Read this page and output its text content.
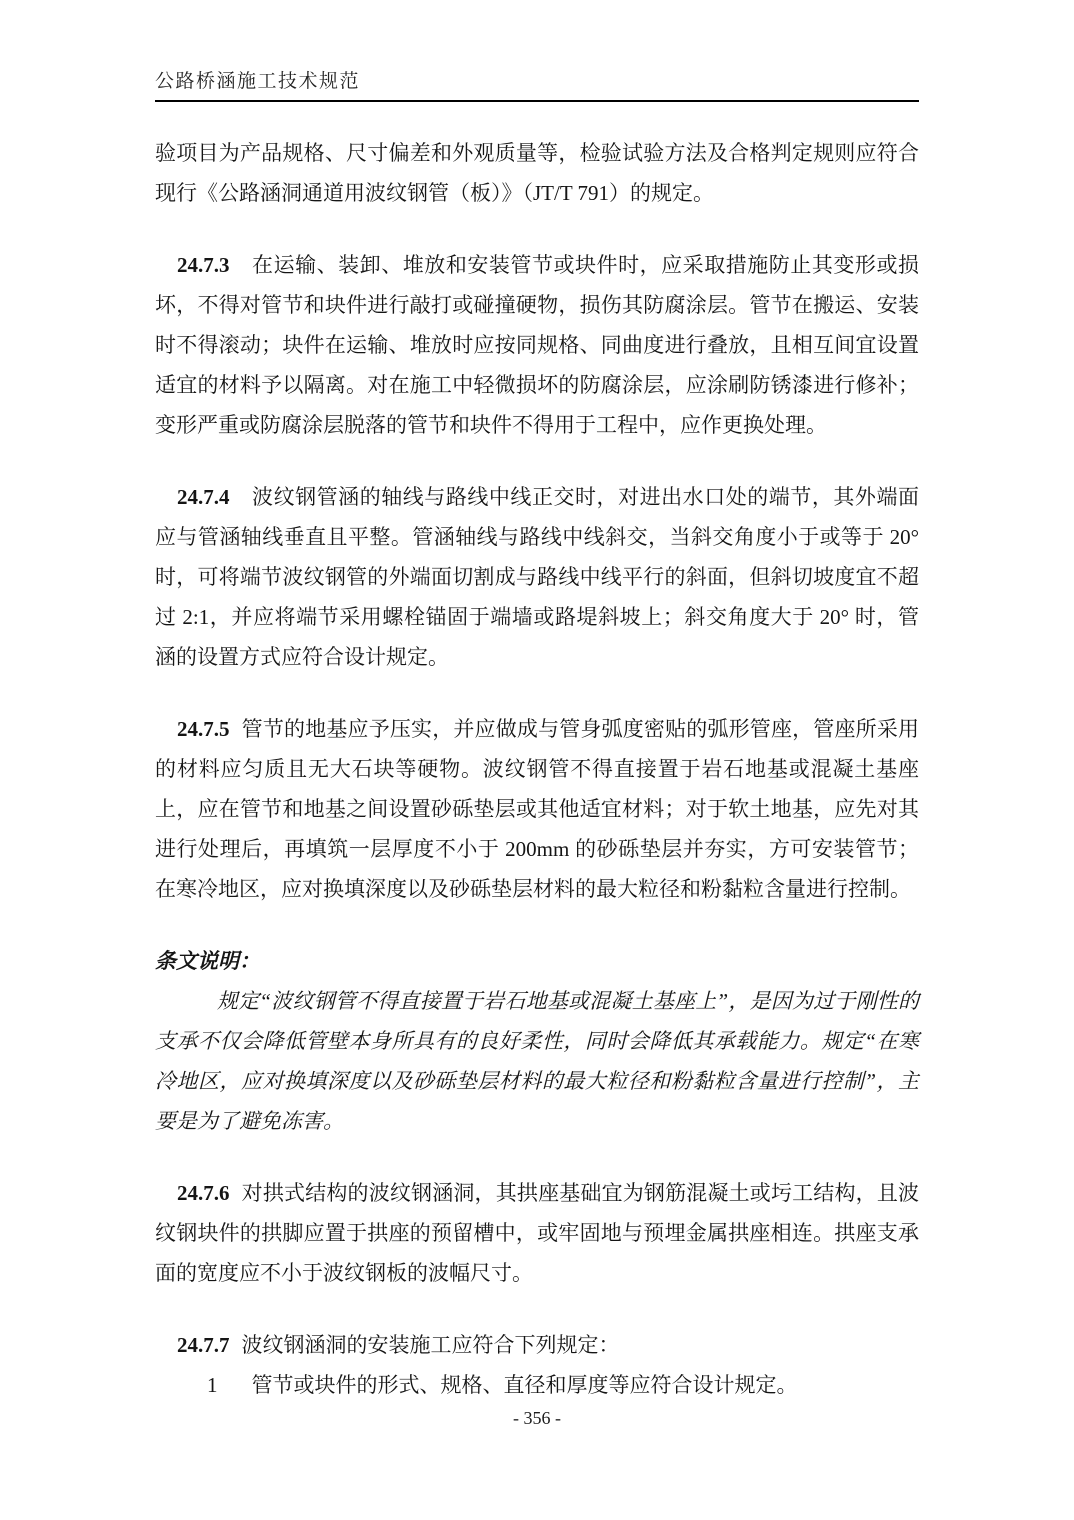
公路桥涵施工技术规范

验项目为产品规格、尺寸偏差和外观质量等，检验试验方法及合格判定规则应符合现行《公路涵洞通道用波纹钢管（板）》（JT/T 791）的规定。

24.7.3 在运输、装卸、堆放和安装管节或块件时，应采取措施防止其变形或损坏，不得对管节和块件进行敲打或碰撞硬物，损伤其防腐涂层。管节在搬运、安装时不得滚动；块件在运输、堆放时应按同规格、同曲度进行叠放，且相互间宜设置适宜的材料予以隔离。对在施工中轻微损坏的防腐涂层，应涂刷防锈漆进行修补；变形严重或防腐涂层脱落的管节和块件不得用于工程中，应作更换处理。

24.7.4 波纹钢管涵的轴线与路线中线正交时，对进出水口处的端节，其外端面应与管涵轴线垂直且平整。管涵轴线与路线中线斜交，当斜交角度小于或等于 20° 时，可将端节波纹钢管的外端面切割成与路线中线平行的斜面，但斜切坡度宜不超过 2:1，并应将端节采用螺栓锚固于端墙或路堤斜坡上；斜交角度大于 20° 时，管涵的设置方式应符合设计规定。

24.7.5 管节的地基应予压实，并应做成与管身弧度密贴的弧形管座，管座所采用的材料应匀质且无大石块等硬物。波纹钢管不得直接置于岩石地基或混凝土基座上，应在管节和地基之间设置砂砾垫层或其他适宜材料；对于软土地基，应先对其进行处理后，再填筑一层厚度不小于 200mm 的砂砾垫层并夯实，方可安装管节；在寒冷地区，应对换填深度以及砂砾垫层材料的最大粒径和粉黏粒含量进行控制。

条文说明：

规定“波纹钢管不得直接置于岩石地基或混凝土基座上”，是因为过于刚性的支承不仅会降低管壁本身所具有的良好柔性，同时会降低其承载能力。规定“在寒冷地区，应对换填深度以及砂砾垫层材料的最大粒径和粉黏粒含量进行控制”，主要是为了避免冻害。

24.7.6 对拱式结构的波纹钢涵洞，其拱座基础宜为钢筋混凝土或圬工结构，且波纹钢块件的拱脚应置于拱座的预留槽中，或牢固地与预埋金属拱座相连。拱座支承面的宽度应不小于波纹钢板的波幅尺寸。

24.7.7 波纹钢涵洞的安装施工应符合下列规定：

1 管节或块件的形式、规格、直径和厚度等应符合设计规定。

- 356 -
